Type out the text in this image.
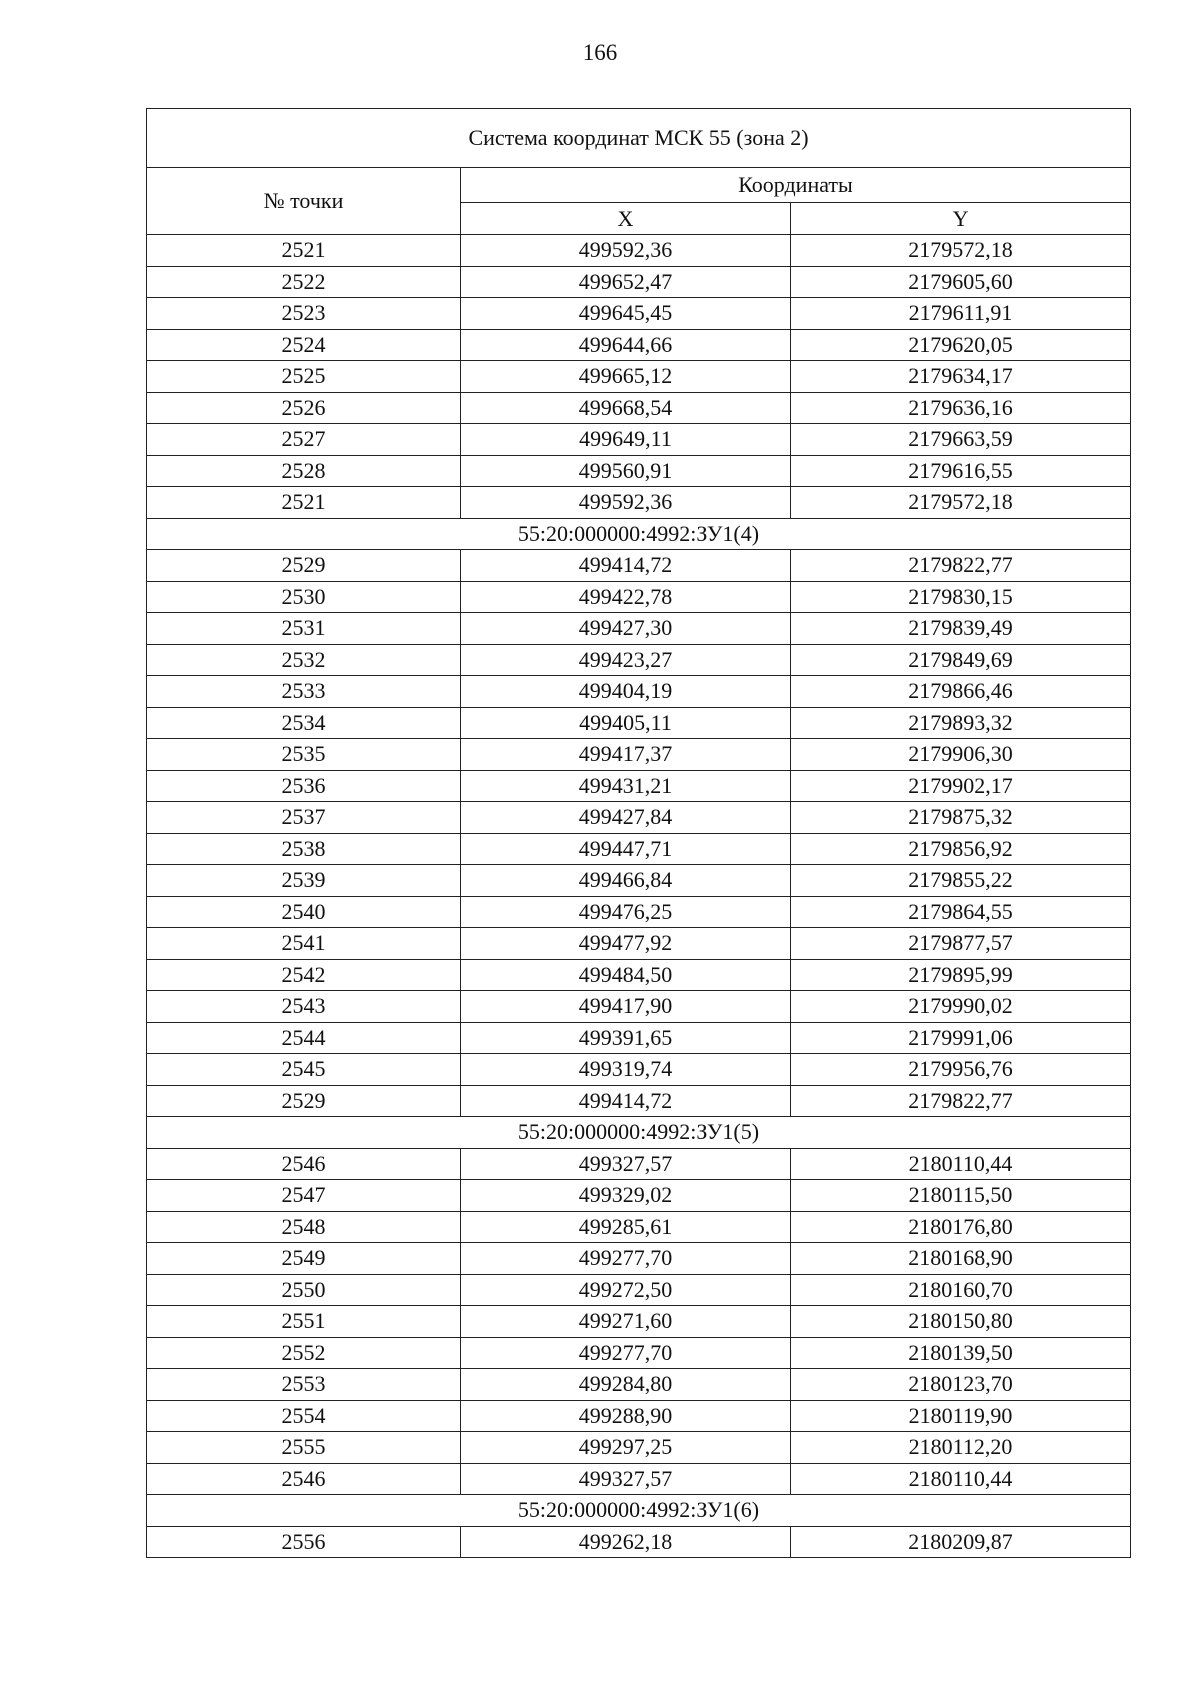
166
Система координат МСК 55 (зона 2)		
№ точки	Координаты	
	X	Y
2521	499592,36	2179572,18
2522	499652,47	2179605,60
2523	499645,45	2179611,91
2524	499644,66	2179620,05
2525	499665,12	2179634,17
2526	499668,54	2179636,16
2527	499649,11	2179663,59
2528	499560,91	2179616,55
2521	499592,36	2179572,18
55:20:000000:4992:ЗУ1(4)		
2529	499414,72	2179822,77
2530	499422,78	2179830,15
2531	499427,30	2179839,49
2532	499423,27	2179849,69
2533	499404,19	2179866,46
2534	499405,11	2179893,32
2535	499417,37	2179906,30
2536	499431,21	2179902,17
2537	499427,84	2179875,32
2538	499447,71	2179856,92
2539	499466,84	2179855,22
2540	499476,25	2179864,55
2541	499477,92	2179877,57
2542	499484,50	2179895,99
2543	499417,90	2179990,02
2544	499391,65	2179991,06
2545	499319,74	2179956,76
2529	499414,72	2179822,77
55:20:000000:4992:ЗУ1(5)		
2546	499327,57	2180110,44
2547	499329,02	2180115,50
2548	499285,61	2180176,80
2549	499277,70	2180168,90
2550	499272,50	2180160,70
2551	499271,60	2180150,80
2552	499277,70	2180139,50
2553	499284,80	2180123,70
2554	499288,90	2180119,90
2555	499297,25	2180112,20
2546	499327,57	2180110,44
55:20:000000:4992:ЗУ1(6)		
2556	499262,18	2180209,87
